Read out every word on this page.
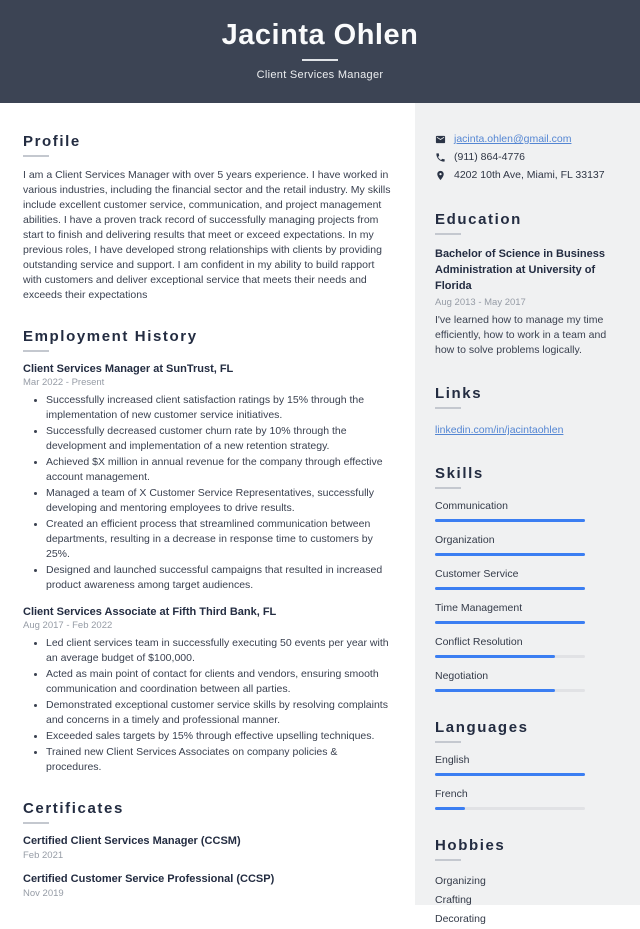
Jacinta Ohlen
Client Services Manager
Profile
I am a Client Services Manager with over 5 years experience. I have worked in various industries, including the financial sector and the retail industry. My skills include excellent customer service, communication, and project management abilities. I have a proven track record of successfully managing projects from start to finish and delivering results that meet or exceed expectations. In my previous roles, I have developed strong relationships with clients by providing outstanding service and support. I am confident in my ability to build rapport with customers and deliver exceptional service that meets their needs and exceeds their expectations
Employment History
Client Services Manager at SunTrust, FL
Mar 2022 - Present
• Successfully increased client satisfaction ratings by 15% through the implementation of new customer service initiatives.
• Successfully decreased customer churn rate by 10% through the development and implementation of a new retention strategy.
• Achieved $X million in annual revenue for the company through effective account management.
• Managed a team of X Customer Service Representatives, successfully developing and mentoring employees to drive results.
• Created an efficient process that streamlined communication between departments, resulting in a decrease in response time to customers by 25%.
• Designed and launched successful campaigns that resulted in increased product awareness among target audiences.
Client Services Associate at Fifth Third Bank, FL
Aug 2017 - Feb 2022
• Led client services team in successfully executing 50 events per year with an average budget of $100,000.
• Acted as main point of contact for clients and vendors, ensuring smooth communication and coordination between all parties.
• Demonstrated exceptional customer service skills by resolving complaints and concerns in a timely and professional manner.
• Exceeded sales targets by 15% through effective upselling techniques.
• Trained new Client Services Associates on company policies & procedures.
Certificates
Certified Client Services Manager (CCSM)
Feb 2021
Certified Customer Service Professional (CCSP)
Nov 2019
jacinta.ohlen@gmail.com
(911) 864-4776
4202 10th Ave, Miami, FL 33137
Education
Bachelor of Science in Business Administration at University of Florida
Aug 2013 - May 2017
I've learned how to manage my time efficiently, how to work in a team and how to solve problems logically.
Links
linkedin.com/in/jacintaohlen
Skills
Communication
Organization
Customer Service
Time Management
Conflict Resolution
Negotiation
Languages
English
French
Hobbies
Organizing
Crafting
Decorating
